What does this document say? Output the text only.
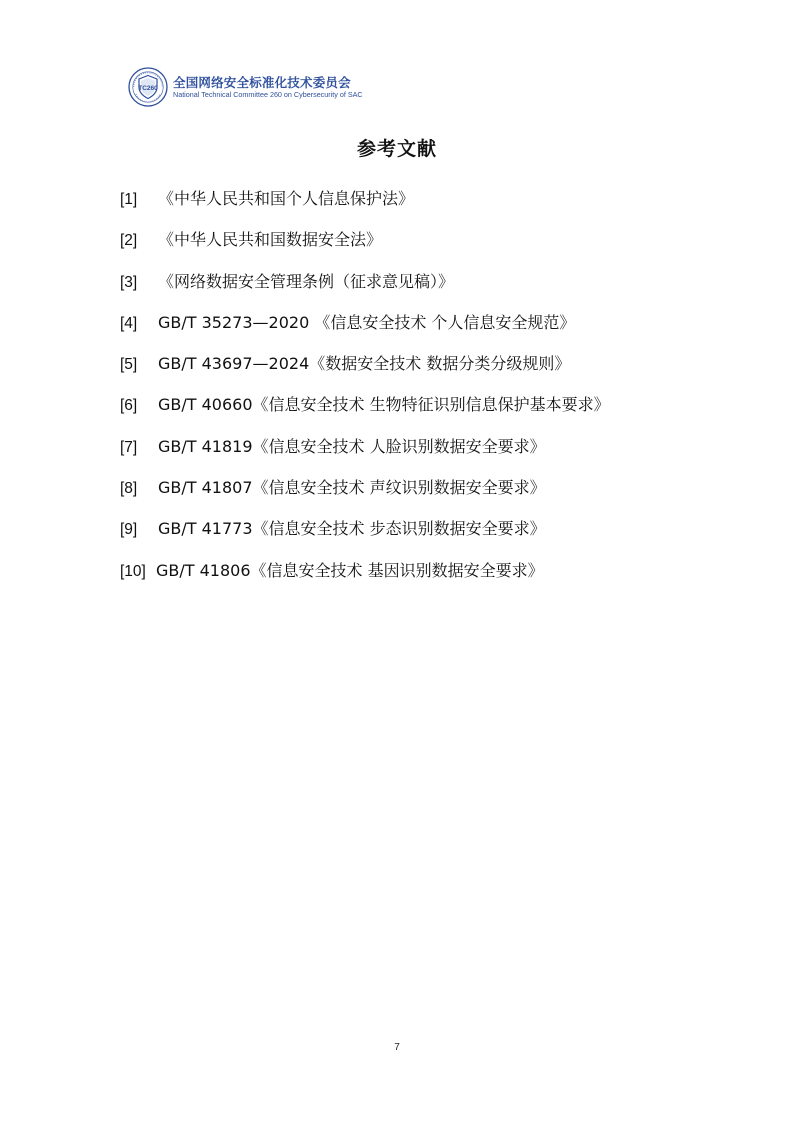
TC260 全国网络安全标准化技术委员会
National Technical Committee 260 on Cybersecurity of SAC
参考文献
[1] 《中华人民共和国个人信息保护法》
[2] 《中华人民共和国数据安全法》
[3] 《网络数据安全管理条例（征求意见稿）》
[4] GB/T 35273—2020 《信息安全技术 个人信息安全规范》
[5] GB/T 43697—2024《数据安全技术 数据分类分级规则》
[6] GB/T 40660《信息安全技术 生物特征识别信息保护基本要求》
[7] GB/T 41819《信息安全技术 人脸识别数据安全要求》
[8] GB/T 41807《信息安全技术 声纹识别数据安全要求》
[9] GB/T 41773《信息安全技术 步态识别数据安全要求》
[10] GB/T 41806《信息安全技术 基因识别数据安全要求》
7
